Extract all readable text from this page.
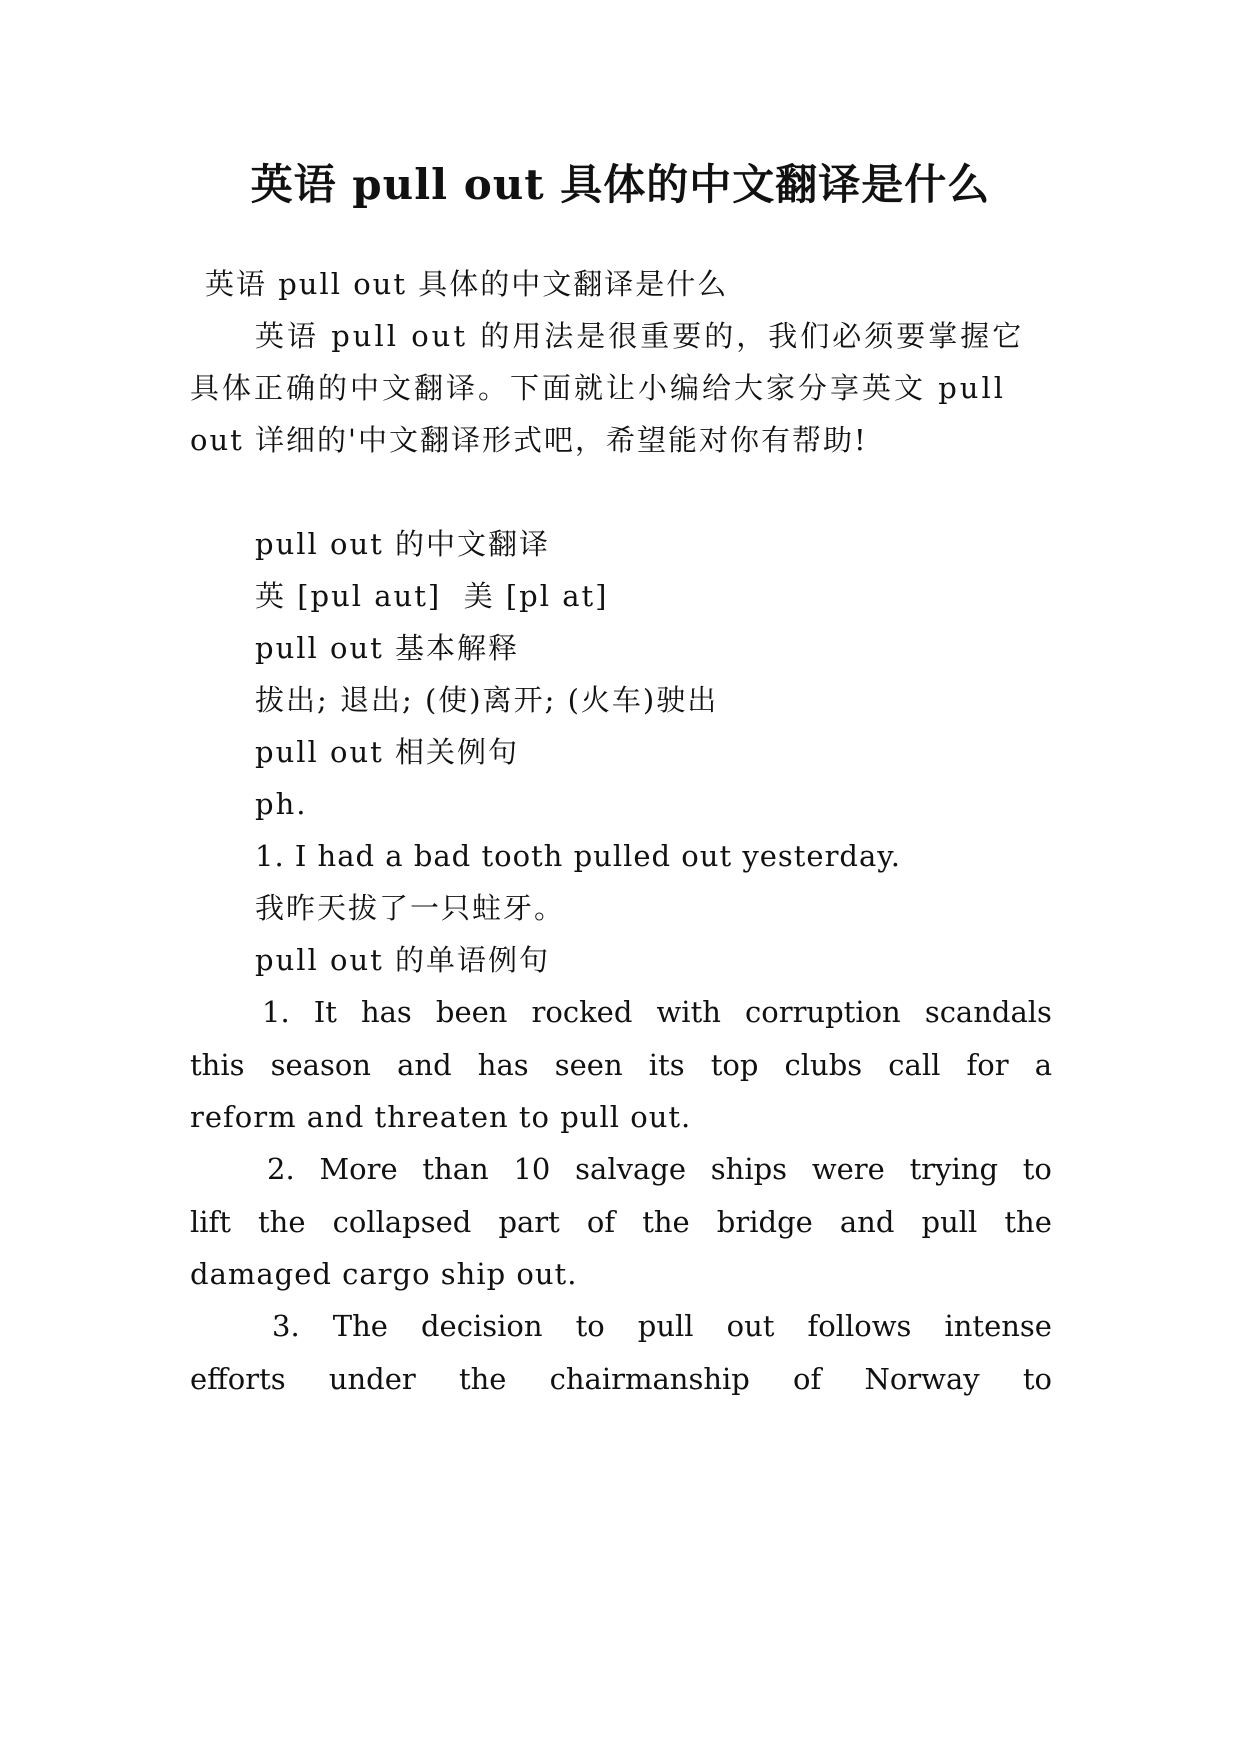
英语 pull out 具体的中文翻译是什么
英语 pull out 具体的中文翻译是什么
英语 pull out 的用法是很重要的，我们必须要掌握它
具体正确的中文翻译。下面就让小编给大家分享英文 pull
out 详细的'中文翻译形式吧，希望能对你有帮助!
pull out 的中文翻译
英 [pul aut]  美 [pl at]
pull out 基本解释
拔出; 退出; (使)离开; (火车)驶出
pull out 相关例句
ph.
1. I had a bad tooth pulled out yesterday.
我昨天拔了一只蛀牙。
pull out 的单语例句
1. It has been rocked with corruption scandals
this season and has seen its top clubs call for a
reform and threaten to pull out.
2. More than 10 salvage ships were trying to
lift the collapsed part of the bridge and pull the
damaged cargo ship out.
3. The decision to pull out follows intense
efforts under the chairmanship of Norway to
